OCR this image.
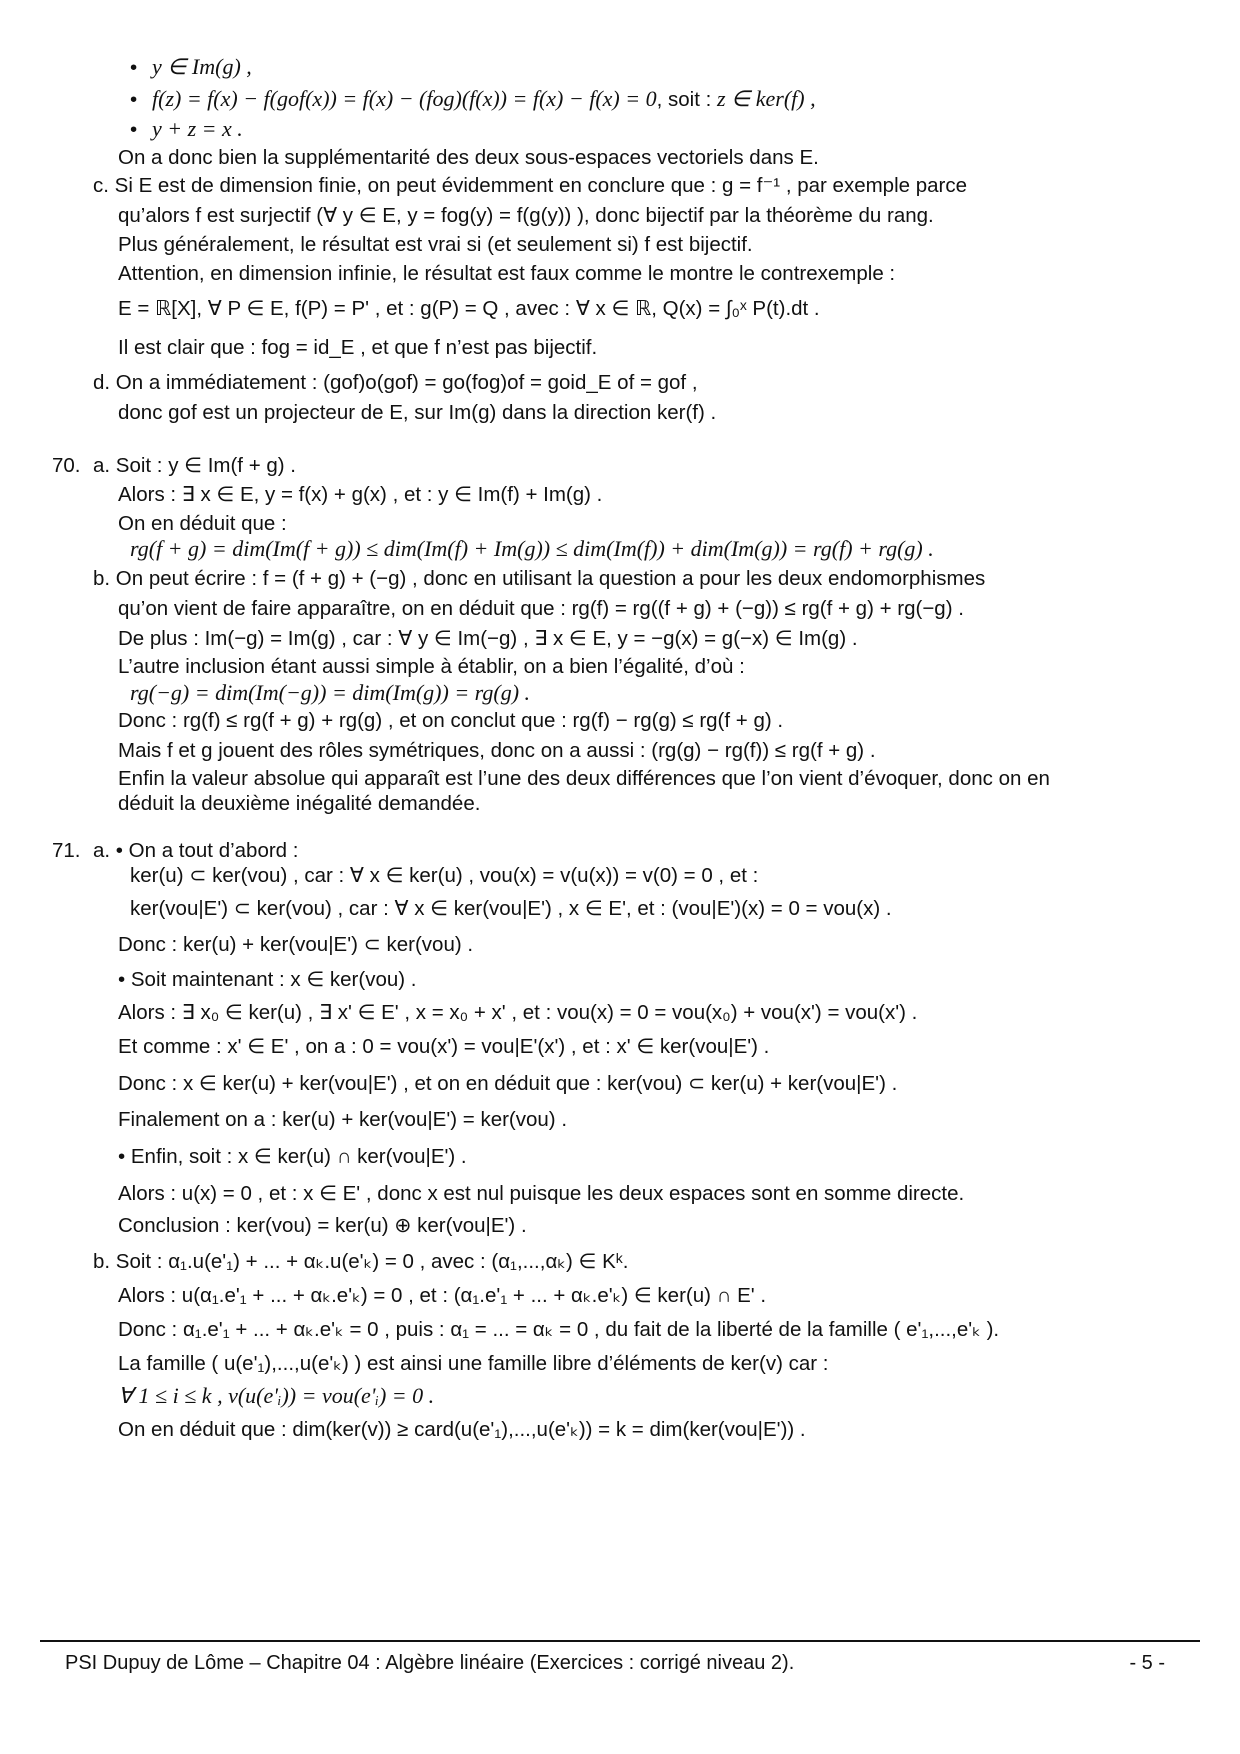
• y ∈ Im(g) ,
• f(z) = f(x) − f(gof(x)) = f(x) − (fog)(f(x)) = f(x) − f(x) = 0, soit : z ∈ ker(f) ,
• y + z = x .
On a donc bien la supplémentarité des deux sous-espaces vectoriels dans E.
c. Si E est de dimension finie, on peut évidemment en conclure que : g = f⁻¹ , par exemple parce
qu’alors f est surjectif (∀ y ∈ E, y = fog(y) = f(g(y)) ), donc bijectif par la théorème du rang.
Plus généralement, le résultat est vrai si (et seulement si) f est bijectif.
Attention, en dimension infinie, le résultat est faux comme le montre le contrexemple :
E = ℝ[X], ∀ P ∈ E, f(P) = P' , et : g(P) = Q , avec : ∀ x ∈ ℝ, Q(x) = ∫₀ˣ P(t).dt .
Il est clair que : fog = id_E , et que f n’est pas bijectif.
d. On a immédiatement : (gof)o(gof) = go(fog)of = goid_E of = gof ,
donc gof est un projecteur de E, sur Im(g) dans la direction ker(f) .
70. a. Soit : y ∈ Im(f + g) .
Alors : ∃ x ∈ E, y = f(x) + g(x) , et : y ∈ Im(f) + Im(g) .
On en déduit que :
rg(f + g) = dim(Im(f + g)) ≤ dim(Im(f) + Im(g)) ≤ dim(Im(f)) + dim(Im(g)) = rg(f) + rg(g) .
b. On peut écrire : f = (f + g) + (−g) , donc en utilisant la question a pour les deux endomorphismes
qu’on vient de faire apparaître, on en déduit que : rg(f) = rg((f + g) + (−g)) ≤ rg(f + g) + rg(−g) .
De plus : Im(−g) = Im(g) , car : ∀ y ∈ Im(−g) , ∃ x ∈ E, y = −g(x) = g(−x) ∈ Im(g) .
L’autre inclusion étant aussi simple à établir, on a bien l’égalité, d’où :
rg(−g) = dim(Im(−g)) = dim(Im(g)) = rg(g) .
Donc : rg(f) ≤ rg(f + g) + rg(g) , et on conclut que : rg(f) − rg(g) ≤ rg(f + g) .
Mais f et g jouent des rôles symétriques, donc on a aussi : (rg(g) − rg(f)) ≤ rg(f + g) .
Enfin la valeur absolue qui apparaît est l’une des deux différences que l’on vient d’évoquer, donc on en
déduit la deuxième inégalité demandée.
71. a. • On a tout d’abord :
ker(u) ⊂ ker(vou) , car : ∀ x ∈ ker(u) , vou(x) = v(u(x)) = v(0) = 0 , et :
ker(vou|E') ⊂ ker(vou) , car : ∀ x ∈ ker(vou|E') , x ∈ E', et : (vou|E')(x) = 0 = vou(x) .
Donc : ker(u) + ker(vou|E') ⊂ ker(vou) .
• Soit maintenant : x ∈ ker(vou) .
Alors : ∃ x₀ ∈ ker(u) , ∃ x' ∈ E' , x = x₀ + x' , et : vou(x) = 0 = vou(x₀) + vou(x') = vou(x') .
Et comme : x' ∈ E' , on a : 0 = vou(x') = vou|E'(x') , et : x' ∈ ker(vou|E') .
Donc : x ∈ ker(u) + ker(vou|E') , et on en déduit que : ker(vou) ⊂ ker(u) + ker(vou|E') .
Finalement on a : ker(u) + ker(vou|E') = ker(vou) .
• Enfin, soit : x ∈ ker(u) ∩ ker(vou|E') .
Alors : u(x) = 0 , et : x ∈ E' , donc x est nul puisque les deux espaces sont en somme directe.
Conclusion : ker(vou) = ker(u) ⊕ ker(vou|E') .
b. Soit : α₁.u(e'₁) + ... + αₖ.u(e'ₖ) = 0 , avec : (α₁,...,αₖ) ∈ Kᵏ.
Alors : u(α₁.e'₁ + ... + αₖ.e'ₖ) = 0 , et : (α₁.e'₁ + ... + αₖ.e'ₖ) ∈ ker(u) ∩ E' .
Donc : α₁.e'₁ + ... + αₖ.e'ₖ = 0 , puis : α₁ = ... = αₖ = 0 , du fait de la liberté de la famille ( e'₁,...,e'ₖ ).
La famille ( u(e'₁),...,u(e'ₖ) ) est ainsi une famille libre d’éléments de ker(v) car :
∀ 1 ≤ i ≤ k , v(u(e'ᵢ)) = vou(e'ᵢ) = 0 .
On en déduit que : dim(ker(v)) ≥ card(u(e'₁),...,u(e'ₖ)) = k = dim(ker(vou|E')) .
PSI Dupuy de Lôme – Chapitre 04 : Algèbre linéaire (Exercices : corrigé niveau 2).	- 5 -
